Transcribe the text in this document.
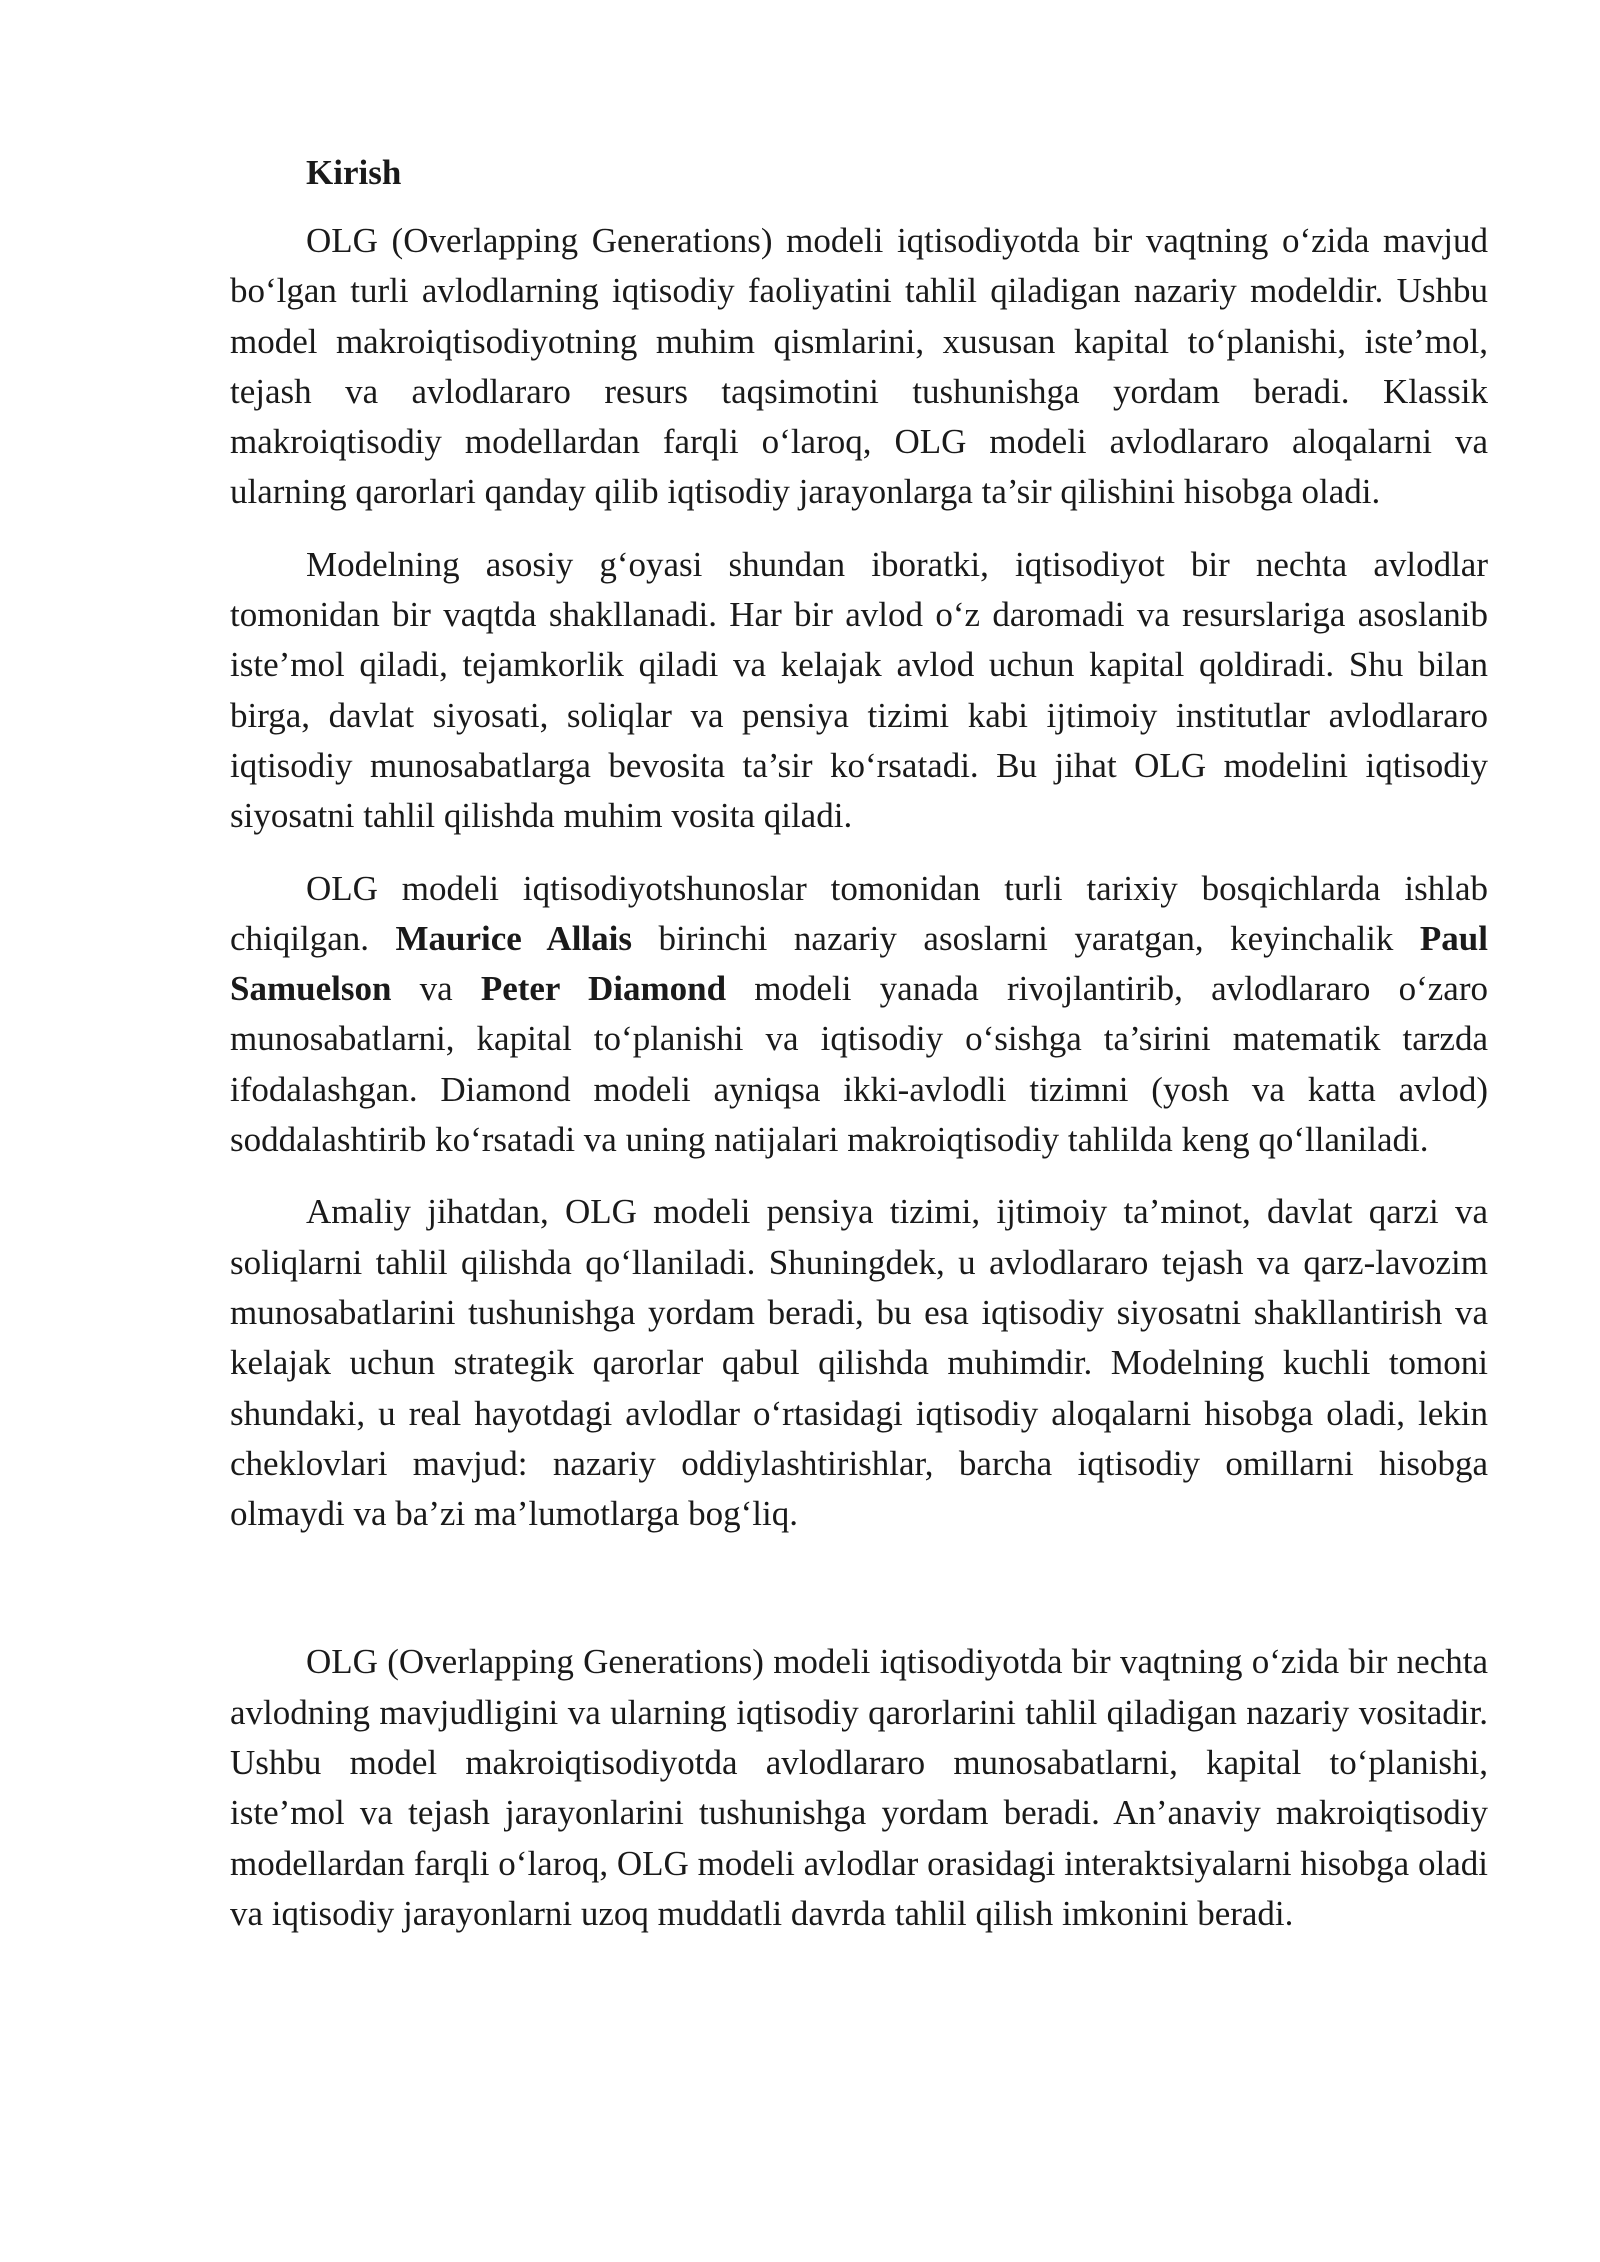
Kirish

OLG (Overlapping Generations) modeli iqtisodiyotda bir vaqtning o‘zida mavjud bo‘lgan turli avlodlarning iqtisodiy faoliyatini tahlil qiladigan nazariy modeldir. Ushbu model makroiqtisodiyotning muhim qismlarini, xususan kapital to‘planishi, iste’mol, tejash va avlodlararo resurs taqsimotini tushunishga yordam beradi. Klassik makroiqtisodiy modellardan farqli o‘laroq, OLG modeli avlodlararo aloqalarni va ularning qarorlari qanday qilib iqtisodiy jarayonlarga ta’sir qilishini hisobga oladi.

Modelning asosiy g‘oyasi shundan iboratki, iqtisodiyot bir nechta avlodlar tomonidan bir vaqtda shakllanadi. Har bir avlod o‘z daromadi va resurslariga asoslanib iste’mol qiladi, tejamkorlik qiladi va kelajak avlod uchun kapital qoldiradi. Shu bilan birga, davlat siyosati, soliqlar va pensiya tizimi kabi ijtimoiy institutlar avlodlararo iqtisodiy munosabatlarga bevosita ta’sir ko‘rsatadi. Bu jihat OLG modelini iqtisodiy siyosatni tahlil qilishda muhim vosita qiladi.

OLG modeli iqtisodiyotshunoslar tomonidan turli tarixiy bosqichlarda ishlab chiqilgan. Maurice Allais birinchi nazariy asoslarni yaratgan, keyinchalik Paul Samuelson va Peter Diamond modeli yanada rivojlantirib, avlodlararo o‘zaro munosabatlarni, kapital to‘planishi va iqtisodiy o‘sishga ta’sirini matematik tarzda ifodalashgan. Diamond modeli ayniqsa ikki-avlodli tizimni (yosh va katta avlod) soddalashtirib ko‘rsatadi va uning natijalari makroiqtisodiy tahlilda keng qo‘llaniladi.

Amaliy jihatdan, OLG modeli pensiya tizimi, ijtimoiy ta’minot, davlat qarzi va soliqlarni tahlil qilishda qo‘llaniladi. Shuningdek, u avlodlararo tejash va qarz-lavozim munosabatlarini tushunishga yordam beradi, bu esa iqtisodiy siyosatni shakllantirish va kelajak uchun strategik qarorlar qabul qilishda muhimdir. Modelning kuchli tomoni shundaki, u real hayotdagi avlodlar o‘rtasidagi iqtisodiy aloqalarni hisobga oladi, lekin cheklovlari mavjud: nazariy oddiylashtirishlar, barcha iqtisodiy omillarni hisobga olmaydi va ba’zi ma’lumotlarga bog‘liq.

OLG (Overlapping Generations) modeli iqtisodiyotda bir vaqtning o‘zida bir nechta avlodning mavjudligini va ularning iqtisodiy qarorlarini tahlil qiladigan nazariy vositadir. Ushbu model makroiqtisodiyotda avlodlararo munosabatlarni, kapital to‘planishi, iste’mol va tejash jarayonlarini tushunishga yordam beradi. An’anaviy makroiqtisodiy modellardan farqli o‘laroq, OLG modeli avlodlar orasidagi interaktsiyalarni hisobga oladi va iqtisodiy jarayonlarni uzoq muddatli davrda tahlil qilish imkonini beradi.
